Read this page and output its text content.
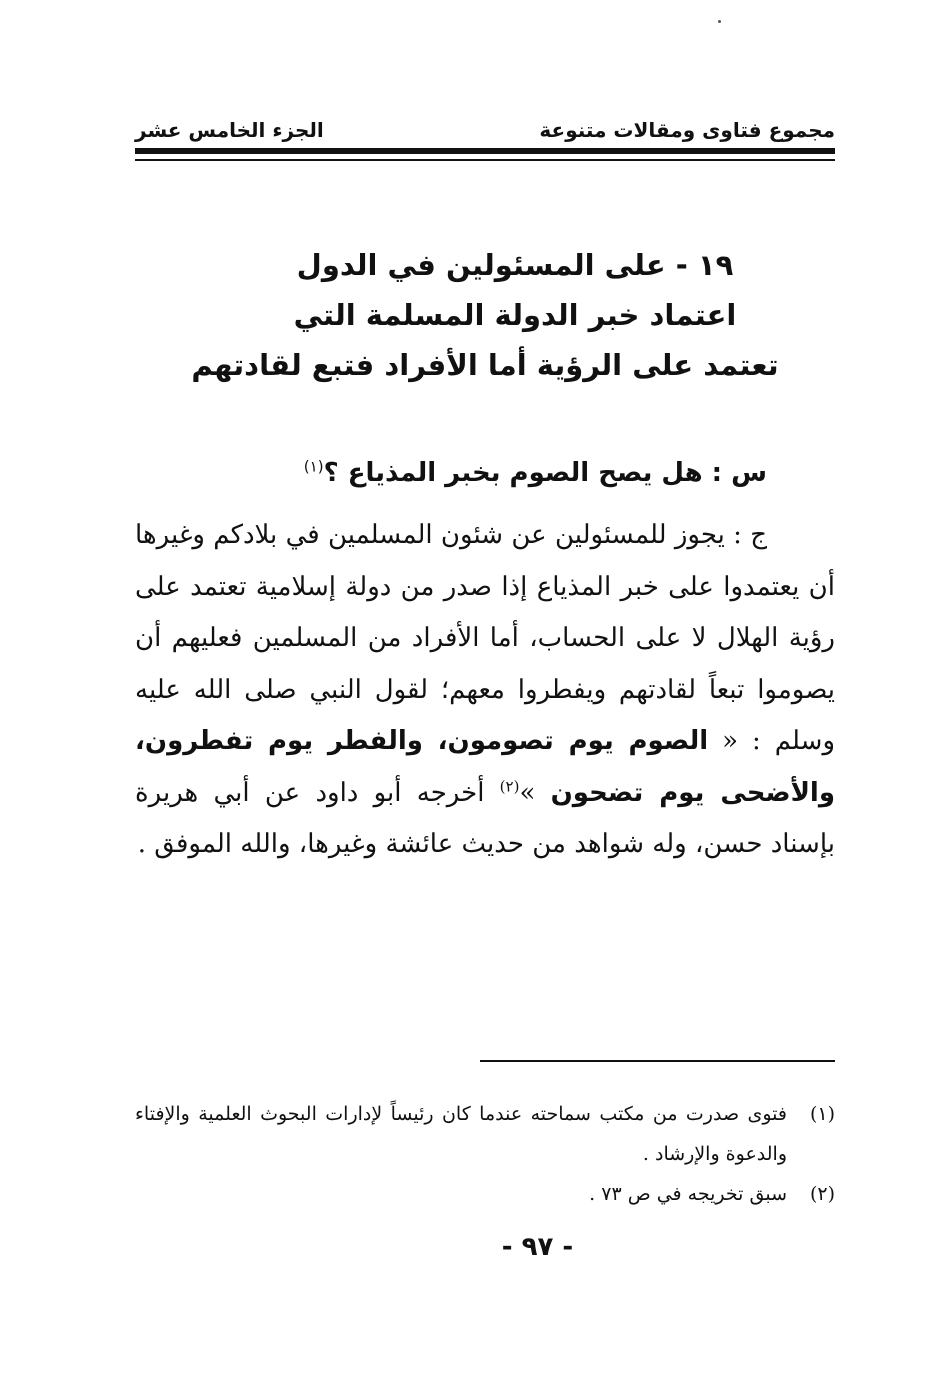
مجموع فتاوى ومقالات متنوعة
الجزء الخامس عشر
١٩ - على المسئولين في الدول
اعتماد خبر الدولة المسلمة التي
تعتمد على الرؤية أما الأفراد فتبع لقادتهم
س : هل يصح الصوم بخبر المذياع ؟$^{(١)}$
ج : يجوز للمسئولين عن شئون المسلمين في بلادكم وغيرها أن يعتمدوا على خبر المذياع إذا صدر من دولة إسلامية تعتمد على رؤية الهلال لا على الحساب، أما الأفراد من المسلمين فعليهم أن يصوموا تبعاً لقادتهم ويفطروا معهم؛ لقول النبي صلى الله عليه وسلم : « الصوم يوم تصومون، والفطر يوم تفطرون، والأضحى يوم تضحون »$^{(٢)}$ أخرجه أبو داود عن أبي هريرة بإسناد حسن، وله شواهد من حديث عائشة وغيرها، والله الموفق .
(١)
فتوى صدرت من مكتب سماحته عندما كان رئيساً لإدارات البحوث العلمية والإفتاء والدعوة والإرشاد .
(٢)
سبق تخريجه في ص ٧٣ .
- ٩٧ -
